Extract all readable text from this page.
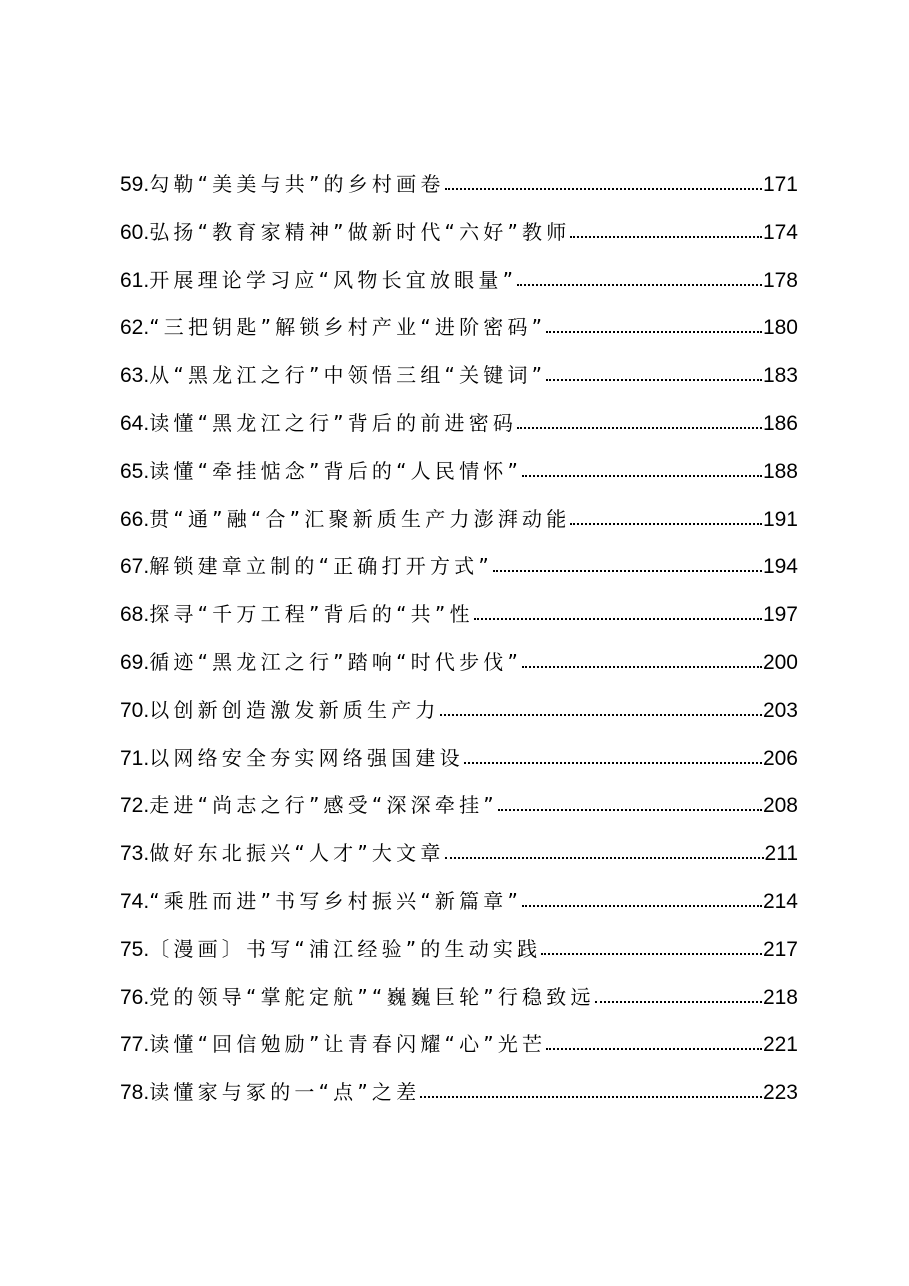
59. 勾勒“美美与共”的乡村画卷	171
60. 弘扬“教育家精神”做新时代“六好”教师	174
61. 开展理论学习应“风物长宜放眼量”	178
62. “三把钥匙”解锁乡村产业“进阶密码”	180
63. 从“黑龙江之行”中领悟三组“关键词”	183
64. 读懂“黑龙江之行”背后的前进密码	186
65. 读懂“牵挂惦念”背后的“人民情怀”	188
66. 贯“通”融“合”汇聚新质生产力澎湃动能	191
67. 解锁建章立制的“正确打开方式”	194
68. 探寻“千万工程”背后的“共”性	197
69. 循迹“黑龙江之行”踏响“时代步伐”	200
70. 以创新创造激发新质生产力	203
71. 以网络安全夯实网络强国建设	206
72. 走进“尚志之行”感受“深深牵挂”	208
73. 做好东北振兴“人才”大文章	211
74. “乘胜而进”书写乡村振兴“新篇章”	214
75. 〔漫画〕书写“浦江经验”的生动实践	217
76. 党的领导“掌舵定航”“巍巍巨轮”行稳致远	218
77. 读懂“回信勉励”让青春闪耀“心”光芒	221
78. 读懂家与冢的一“点”之差	223
